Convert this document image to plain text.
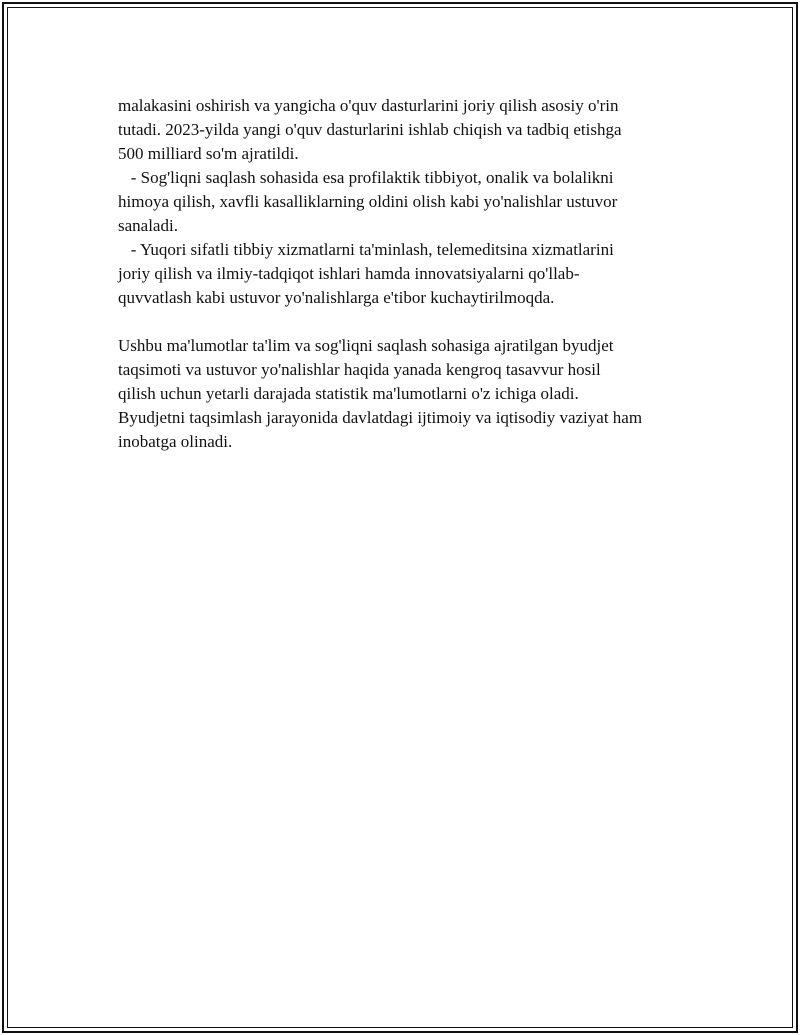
malakasini oshirish va yangicha o'quv dasturlarini joriy qilish asosiy o'rin
tutadi. 2023-yilda yangi o'quv dasturlarini ishlab chiqish va tadbiq etishga
500 milliard so'm ajratildi.
- Sog'liqni saqlash sohasida esa profilaktik tibbiyot, onalik va bolalikni
himoya qilish, xavfli kasalliklarning oldini olish kabi yo'nalishlar ustuvor
sanaladi.
- Yuqori sifatli tibbiy xizmatlarni ta'minlash, telemeditsina xizmatlarini
joriy qilish va ilmiy-tadqiqot ishlari hamda innovatsiyalarni qo'llab-
quvvatlash kabi ustuvor yo'nalishlarga e'tibor kuchaytirilmoqda.
Ushbu ma'lumotlar ta'lim va sog'liqni saqlash sohasiga ajratilgan byudjet
taqsimoti va ustuvor yo'nalishlar haqida yanada kengroq tasavvur hosil
qilish uchun yetarli darajada statistik ma'lumotlarni o'z ichiga oladi.
Byudjetni taqsimlash jarayonida davlatdagi ijtimoiy va iqtisodiy vaziyat ham
inobatga olinadi.
